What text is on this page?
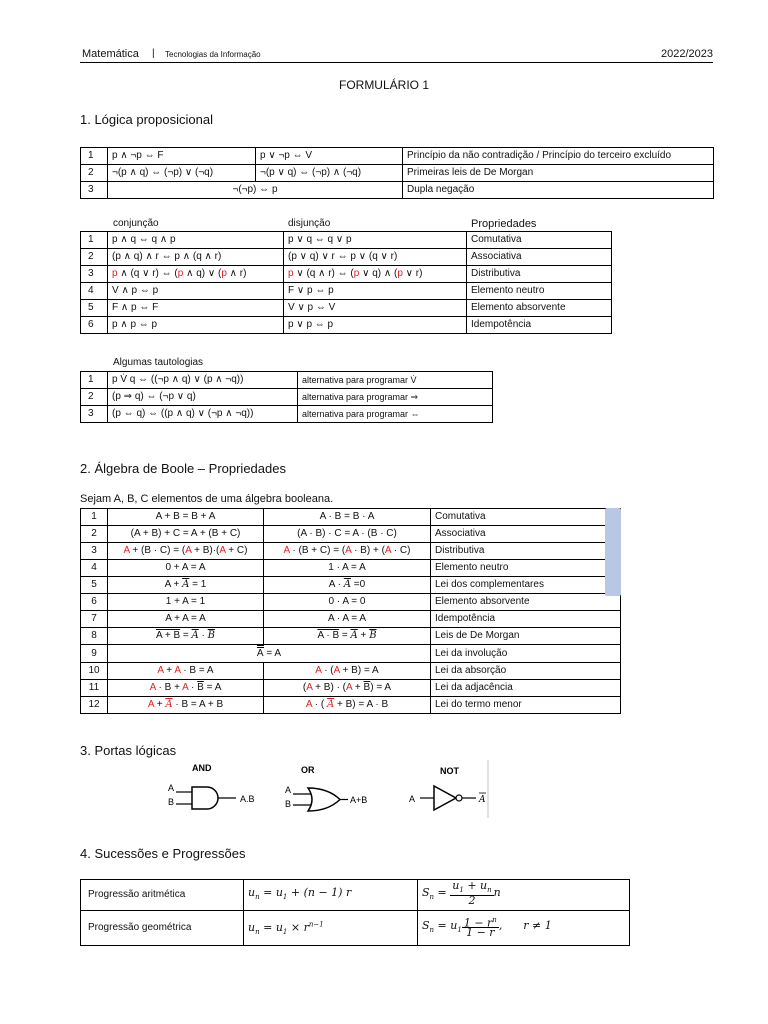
Matemática | Tecnologias da Informação	2022/2023
FORMULÁRIO 1
1. Lógica proposicional
1	p ∧ ¬p ⇔ F	p ∨ ¬p ⇔ V	Princípio da não contradição / Princípio do terceiro excluído
2	¬(p ∧ q) ⇔ (¬p) ∨ (¬q)	¬(p ∨ q) ⇔ (¬p) ∧ (¬q)	Primeiras leis de De Morgan
3	¬(¬p) ⇔ p		Dupla negação
conjunção	disjunção	Propriedades
1	p ∧ q ⇔ q ∧ p	p ∨ q ⇔ q ∨ p	Comutativa
2	(p ∧ q) ∧ r ⇔ p ∧ (q ∧ r)	(p ∨ q) ∨ r ⇔ p ∨ (q ∨ r)	Associativa
3	p ∧ (q ∨ r) ⇔ (p ∧ q) ∨ (p ∧ r)	p ∨ (q ∧ r) ⇔ (p ∨ q) ∧ (p ∨ r)	Distributiva
4	V ∧ p ⇔ p	F ∨ p ⇔ p	Elemento neutro
5	F ∧ p ⇔ F	V ∨ p ⇔ V	Elemento absorvente
6	p ∧ p ⇔ p	p ∨ p ⇔ p	Idempotência
Algumas tautologias
1	p V̇ q ⇔ ((¬p ∧ q) ∨ (p ∧ ¬q))	alternativa para programar V̇
2	(p ⇒ q) ⇔ (¬p ∨ q)	alternativa para programar ⇒
3	(p ⇔ q) ⇔ ((p ∧ q) ∨ (¬p ∧ ¬q))	alternativa para programar ⇔
2. Álgebra de Boole – Propriedades
Sejam A, B, C elementos de uma álgebra booleana.
1	A + B = B + A	A · B = B · A	Comutativa
2	(A + B) + C = A + (B + C)	(A · B) · C = A · (B · C)	Associativa
3	A + (B · C) = (A + B)·(A + C)	A · (B + C) = (A · B) + (A · C)	Distributiva
4	0 + A = A	1 · A = A	Elemento neutro
5	$A + \overline{A} = 1$	$A \cdot \overline{A} =0$	Lei dos complementares
6	1 + A = 1	0 · A = 0	Elemento absorvente
7	A + A = A	A · A = A	Idempotência
8	$A + B = \overline{A} \cdot \overline{B}$	$A \cdot B = \overline{A} + \overline{B}$	Leis de De Morgan
9	A = A		Lei da involução
10	A + A · B = A	A · (A + B) = A	Lei da absorção
11	$A \cdot B + A \cdot \overline{B} = A$	$(A + B) \cdot (A + \overline{B}) = A$	Lei da adjacência
12	$A + \overline{A} \cdot B = A + B$	A · ( $\overline{A} + B) = A \cdot B$	Lei do termo menor
3. Portas lógicas
AND
A
B	A.B
OR
A
B	A+B
NOT
A	A
4. Sucessões e Progressões
Progressão aritmética	$u_n = u_1 + (n - 1)$ r	$S_n = \frac{u_1 + u_n}{2}$ n
Progressão geométrica	$u_n = u_1 \times r^{n-1}$	$S_n = u_1 \frac{1 - r^n}{1 - r}$ ,      r ≠ 1
